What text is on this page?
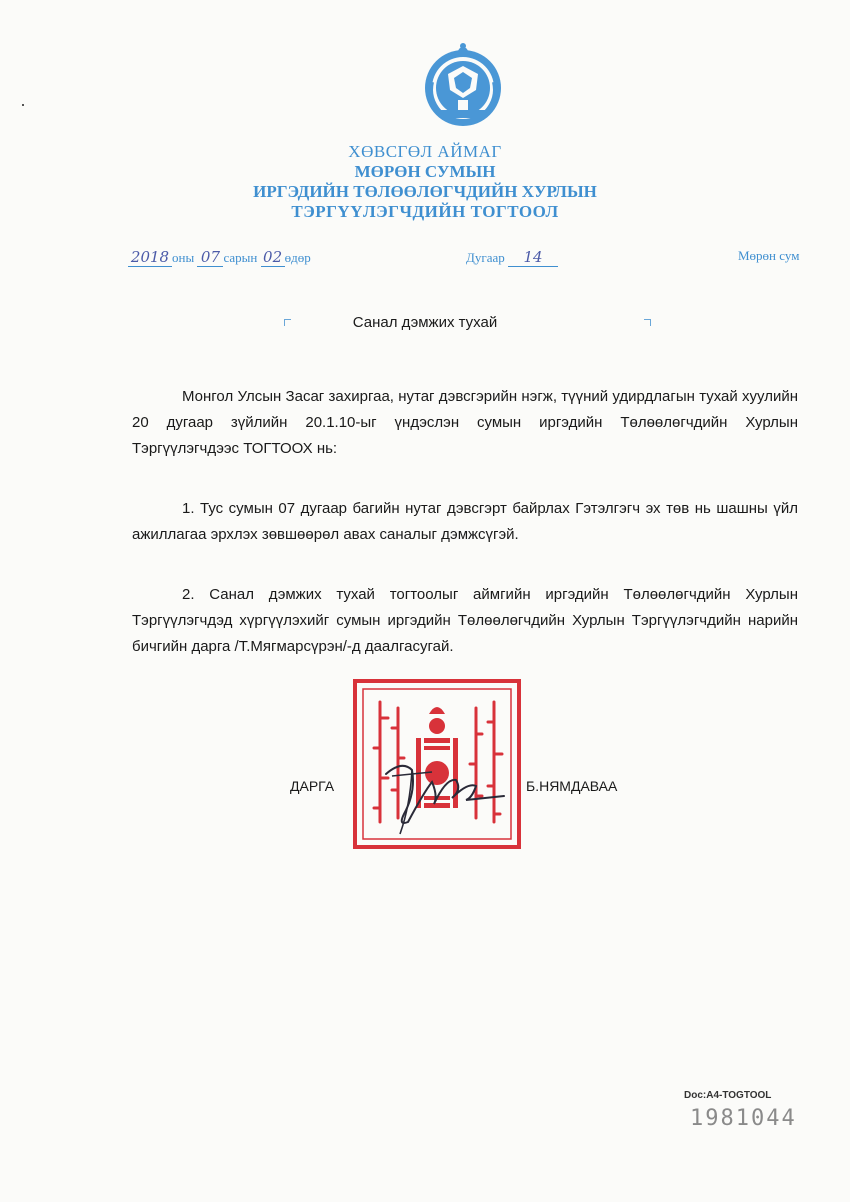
ХӨВСГӨЛ АЙМАГ
МӨРӨН СУМЫН
ИРГЭДИЙН ТӨЛӨӨЛӨГЧДИЙН ХУРЛЫН
ТЭРГҮҮЛЭГЧДИЙН ТОГТООЛ
2018 оны 07 сарын 02 өдөр	Дугаар 14	Мөрөн сум
Санал дэмжих тухай

Монгол Улсын Засаг захиргаа, нутаг дэвсгэрийн нэгж, түүний удирдлагын тухай хуулийн 20 дугаар зүйлийн 20.1.10-ыг үндэслэн сумын иргэдийн Төлөөлөгчдийн Хурлын Тэргүүлэгчдээс ТОГТООХ нь:

1. Тус сумын 07 дугаар багийн нутаг дэвсгэрт байрлах Гэтэлгэгч эх төв нь шашны үйл ажиллагаа эрхлэх зөвшөөрөл авах саналыг дэмжсүгэй.

2. Санал дэмжих тухай тогтоолыг аймгийн иргэдийн Төлөөлөгчдийн Хурлын Тэргүүлэгчдэд хүргүүлэхийг сумын иргэдийн Төлөөлөгчдийн Хурлын Тэргүүлэгчдийн нарийн бичгийн дарга /Т.Мягмарсүрэн/-д даалгасугай.

ДАРГА	Б.НЯМДАВАА
Doc:A4-TOGTOOL
1981044
